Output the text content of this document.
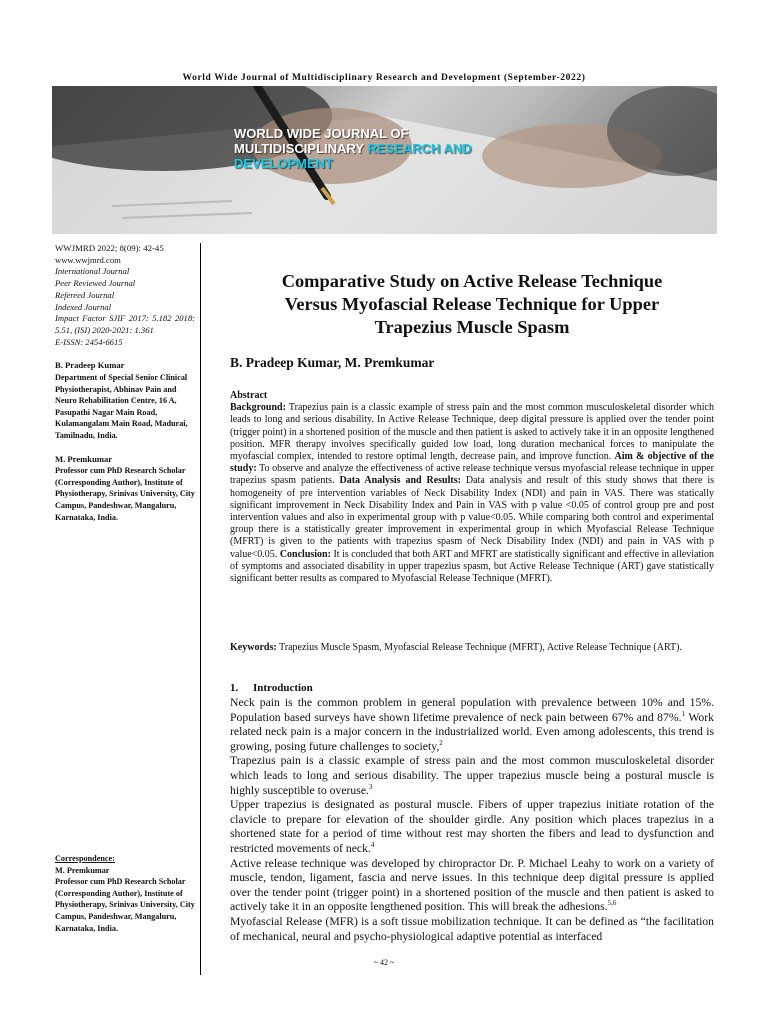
World Wide Journal of Multidisciplinary Research and Development (September-2022)
WORLD WIDE JOURNAL OF
MULTIDISCIPLINARY RESEARCH AND
DEVELOPMENT
WWJMRD 2022; 8(09): 42-45
www.wwjmrd.com
International Journal
Peer Reviewed Journal
Refereed Journal
Indexed Journal
Impact Factor SJIF 2017: 5.182 2018: 5.51, (ISI) 2020-2021: 1.361
E-ISSN: 2454-6615
B. Pradeep Kumar
Department of Special Senior Clinical Physiotherapist, Abhinav Pain and Neuro Rehabilitation Centre, 16 A, Pasupathi Nagar Main Road, Kulamangalam Main Road, Madurai, Tamilnadu, India.
M. Premkumar
Professor cum PhD Research Scholar (Corresponding Author), Institute of Physiotherapy, Srinivas University, City Campus, Pandeshwar, Mangaluru, Karnataka, India.
Correspondence:
M. Premkumar
Professor cum PhD Research Scholar (Corresponding Author), Institute of Physiotherapy, Srinivas University, City Campus, Pandeshwar, Mangaluru, Karnataka, India.
Comparative Study on Active Release Technique
Versus Myofascial Release Technique for Upper
Trapezius Muscle Spasm
B. Pradeep Kumar, M. Premkumar
Abstract
Background: Trapezius pain is a classic example of stress pain and the most common musculoskeletal disorder which leads to long and serious disability. In Active Release Technique, deep digital pressure is applied over the tender point (trigger point) in a shortened position of the muscle and then patient is asked to actively take it in an opposite lengthened position. MFR therapy involves specifically guided low load, long duration mechanical forces to manipulate the myofascial complex, intended to restore optimal length, decrease pain, and improve function. Aim & objective of the study: To observe and analyze the effectiveness of active release technique versus myofascial release technique in upper trapezius spasm patients. Data Analysis and Results: Data analysis and result of this study shows that there is homogeneity of pre intervention variables of Neck Disability Index (NDI) and pain in VAS. There was statically significant improvement in Neck Disability Index and Pain in VAS with p value <0.05 of control group pre and post intervention values and also in experimental group with p value<0.05. While comparing both control and experimental group there is a statistically greater improvement in experimental group in which Myofascial Release Technique (MFRT) is given to the patients with trapezius spasm of Neck Disability Index (NDI) and pain in VAS with p value<0.05. Conclusion: It is concluded that both ART and MFRT are statistically significant and effective in alleviation of symptoms and associated disability in upper trapezius spasm, but Active Release Technique (ART) gave statistically significant better results as compared to Myofascial Release Technique (MFRT).
Keywords: Trapezius Muscle Spasm, Myofascial Release Technique (MFRT), Active Release Technique (ART).
1. Introduction

Neck pain is the common problem in general population with prevalence between 10% and 15%. Population based surveys have shown lifetime prevalence of neck pain between 67% and 87%.$^1$ Work related neck pain is a major concern in the industrialized world. Even among adolescents, this trend is growing, posing future challenges to society,$^2$

Trapezius pain is a classic example of stress pain and the most common musculoskeletal disorder which leads to long and serious disability. The upper trapezius muscle being a postural muscle is highly susceptible to overuse.$^3$

Upper trapezius is designated as postural muscle. Fibers of upper trapezius initiate rotation of the clavicle to prepare for elevation of the shoulder girdle. Any position which places trapezius in a shortened state for a period of time without rest may shorten the fibers and lead to dysfunction and restricted movements of neck.$^4$

Active release technique was developed by chiropractor Dr. P. Michael Leahy to work on a variety of muscle, tendon, ligament, fascia and nerve issues. In this technique deep digital pressure is applied over the tender point (trigger point) in a shortened position of the muscle and then patient is asked to actively take it in an opposite lengthened position. This will break the adhesions.$^{5,6}$

Myofascial Release (MFR) is a soft tissue mobilization technique. It can be defined as “the facilitation of mechanical, neural and psycho-physiological adaptive potential as interfaced

~ 42 ~
